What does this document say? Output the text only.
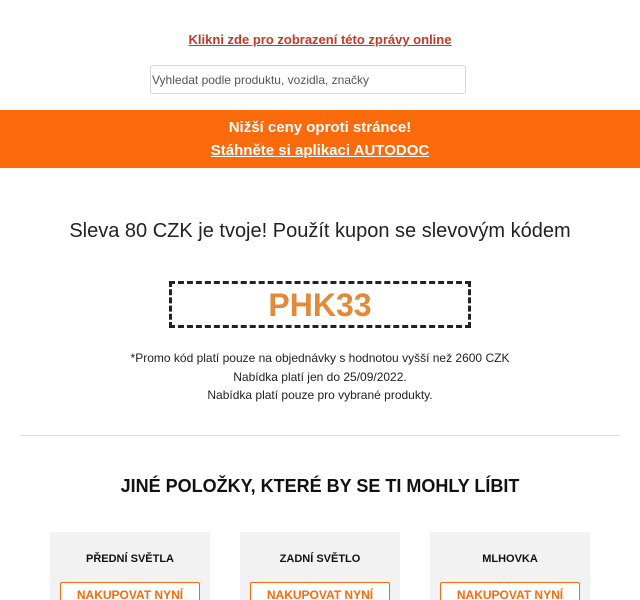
Klikni zde pro zobrazení této zprávy online
Vyhledat podle produktu, vozidla, značky
Nižší ceny oproti stránce!
Stáhněte si aplikaci AUTODOC
Sleva 80 CZK je tvoje! Použít kupon se slevovým kódem
PHK33
*Promo kód platí pouze na objednávky s hodnotou vyšší než 2600 CZK
Nabídka platí jen do 25/09/2022.
Nabídka platí pouze pro vybrané produkty.
JINÉ POLOŽKY, KTERÉ BY SE TI MOHLY LÍBIT
PŘEDNÍ SVĚTLA
NAKUPOVAT NYNÍ
ZADNÍ SVĚTLO
NAKUPOVAT NYNÍ
MLHOVKA
NAKUPOVAT NYNÍ
